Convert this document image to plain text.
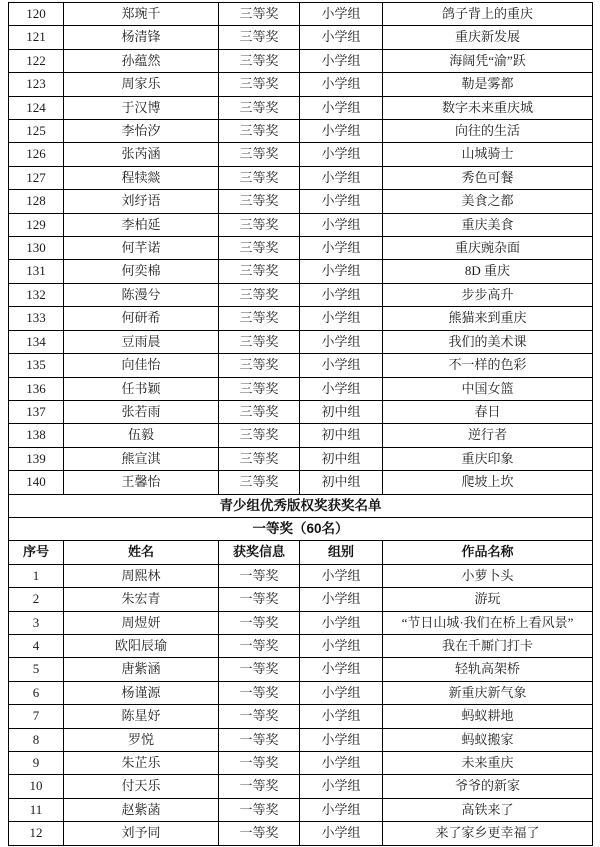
120	郑琬千	三等奖	小学组	鸽子背上的重庆
121	杨清锋	三等奖	小学组	重庆新发展
122	孙蕴然	三等奖	小学组	海阔凭“渝”跃
123	周家乐	三等奖	小学组	勒是雾都
124	于汉博	三等奖	小学组	数字未来重庆城
125	李怡汐	三等奖	小学组	向往的生活
126	张芮涵	三等奖	小学组	山城骑士
127	程犊燚	三等奖	小学组	秀色可餐
128	刘纾语	三等奖	小学组	美食之都
129	李柏延	三等奖	小学组	重庆美食
130	何芊诺	三等奖	小学组	重庆豌杂面
131	何奕棉	三等奖	小学组	8D 重庆
132	陈漫兮	三等奖	小学组	步步高升
133	何研希	三等奖	小学组	熊猫来到重庆
134	豆雨晨	三等奖	小学组	我们的美术课
135	向佳怡	三等奖	小学组	不一样的色彩
136	任书颖	三等奖	小学组	中国女篮
137	张若雨	三等奖	初中组	春日
138	伍毅	三等奖	初中组	逆行者
139	熊宣淇	三等奖	初中组	重庆印象
140	王馨怡	三等奖	初中组	爬坡上坎
青少组优秀版权奖获奖名单				
一等奖（60名）				
序号	姓名	获奖信息	组别	作品名称
1	周熙林	一等奖	小学组	小萝卜头
2	朱宏青	一等奖	小学组	游玩
3	周煜妍	一等奖	小学组	“节日山城·我们在桥上看风景”
4	欧阳辰瑜	一等奖	小学组	我在千厮门打卡
5	唐紫涵	一等奖	小学组	轻轨高架桥
6	杨谨源	一等奖	小学组	新重庆新气象
7	陈星妤	一等奖	小学组	蚂蚁耕地
8	罗悦	一等奖	小学组	蚂蚁搬家
9	朱芷乐	一等奖	小学组	未来重庆
10	付天乐	一等奖	小学组	爷爷的新家
11	赵紫菡	一等奖	小学组	高铁来了
12	刘予同	一等奖	小学组	来了家乡更幸福了
